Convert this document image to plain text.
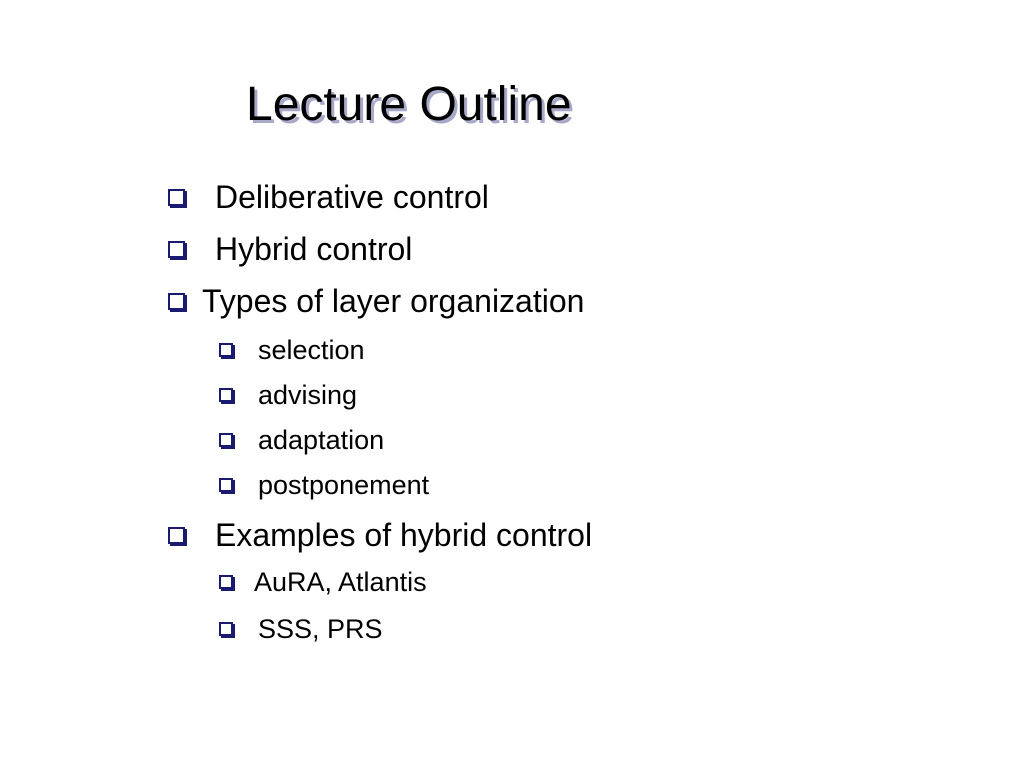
Lecture Outline
Deliberative control
Hybrid control
Types of layer organization
selection
advising
adaptation
postponement
Examples of hybrid control
AuRA, Atlantis
SSS, PRS
